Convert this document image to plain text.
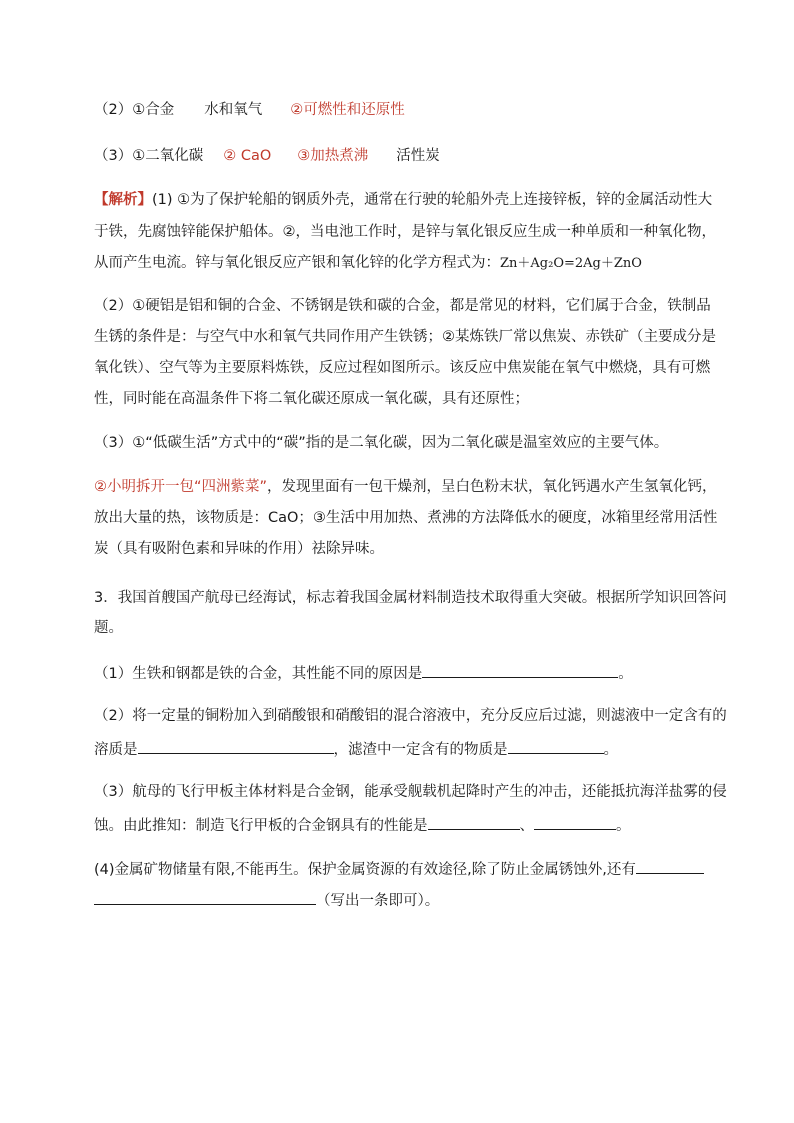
（2）①合金 水和氧气 ②可燃性和还原性
（3）①二氧化碳 ② CaO ③加热煮沸 活性炭
【解析】(1) ①为了保护轮船的钢质外壳，通常在行驶的轮船外壳上连接锌板，锌的金属活动性大
于铁，先腐蚀锌能保护船体。②，当电池工作时，是锌与氧化银反应生成一种单质和一种氧化物，
从而产生电流。锌与氧化银反应产银和氧化锌的化学方程式为：Zn＋Ag₂O=2Ag＋ZnO
（2）①硬铝是铝和铜的合金、不锈钢是铁和碳的合金，都是常见的材料，它们属于合金，铁制品
生锈的条件是：与空气中水和氧气共同作用产生铁锈；②某炼铁厂常以焦炭、赤铁矿（主要成分是
氧化铁）、空气等为主要原料炼铁，反应过程如图所示。该反应中焦炭能在氧气中燃烧，具有可燃
性，同时能在高温条件下将二氧化碳还原成一氧化碳，具有还原性；
（3）①“低碳生活”方式中的“碳”指的是二氧化碳，因为二氧化碳是温室效应的主要气体。
②小明拆开一包“四洲紫菜”，发现里面有一包干燥剂，呈白色粉末状，氧化钙遇水产生氢氧化钙，
放出大量的热，该物质是：CaO；③生活中用加热、煮沸的方法降低水的硬度，冰箱里经常用活性
炭（具有吸附色素和异味的作用）祛除异味。
3．我国首艘国产航母已经海试，标志着我国金属材料制造技术取得重大突破。根据所学知识回答问
题。
（1）生铁和钢都是铁的合金，其性能不同的原因是	。
（2）将一定量的铜粉加入到硝酸银和硝酸铝的混合溶液中，充分反应后过滤，则滤液中一定含有的
溶质是	，滤渣中一定含有的物质是	。
（3）航母的飞行甲板主体材料是合金钢，能承受舰载机起降时产生的冲击，还能抵抗海洋盐雾的侵
蚀。由此推知：制造飞行甲板的合金钢具有的性能是	、	。
(4)金属矿物储量有限,不能再生。保护金属资源的有效途径,除了防止金属锈蚀外,还有
（写出一条即可）。
